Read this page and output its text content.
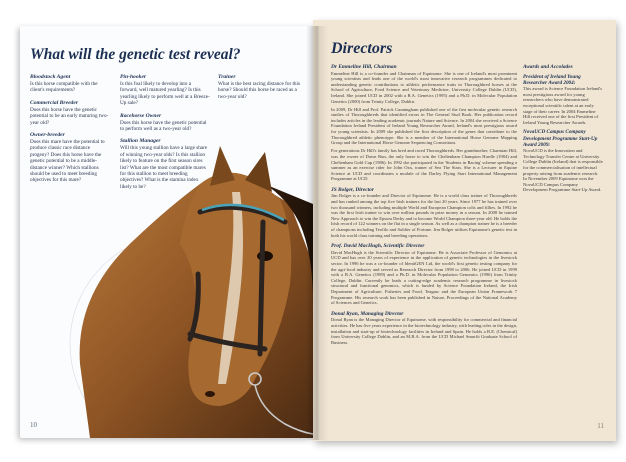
What will the genetic test reveal?
Bloodstock Agent
Is this horse compatible with the client's requirements?
Commercial Breeder
Does this horse have the genetic potential to be an early maturing two-year old?
Owner-breeder
Does this mare have the potential to produce classic race distance progeny? Does this horse have the genetic potential to be a middle-distance winner? Which stallions should be used to meet breeding objectives for this mare?
Pin-hooker
Is this foal likely to develop into a forward, well matured yearling? Is this yearling likely to perform well at a Breeze-Up sale?
Racehorse Owner
Does this horse have the genetic potential to perform well as a two-year old?
Stallion Manager
Will this young stallion have a large share of winning two-year olds? Is this stallion likely to feature on the first season sires list? What are the most compatible mares for this stallion to meet breeding objectives? What is the stamina index likely to be?
Trainer
What is the best racing distance for this horse? Should this horse be raced as a two-year old?
10
Directors
Dr Emmeline Hill, Chairman

Emmeline Hill is a co-founder and Chairman of Equinome. She is one of Ireland's most prominent young scientists and leads one of the world's most innovative research programmes dedicated to understanding genetic contributions to athletic performance traits in Thoroughbred horses at the School of Agriculture, Food Science and Veterinary Medicine, University College Dublin (UCD), Ireland. She joined UCD in 2002 with a B.A. Genetics (1995) and a Ph.D. in Molecular Population Genetics (2000) from Trinity College, Dublin.

In 2009, Dr Hill and Prof. Patrick Cunningham published one of the first molecular genetic research studies of Thoroughbreds that identified errors in The General Stud Book. Her publication record includes articles in the leading academic journals Nature and Science. In 2004 she received a Science Foundation Ireland President of Ireland Young Researcher Award, Ireland's most prestigious award for young scientists. In 2009 she published the first description of the genes that contribute to the Thoroughbred athletic phenotype. She is a member of the International Horse Genome Mapping Group and the International Horse Genome Sequencing Consortium.

For generations Dr Hill's family has bred and raced Thoroughbreds. Her grandmother, Charmian Hill, was the owner of Dawn Run, the only horse to win the Cheltenham Champion Hurdle (1984) and Cheltenham Gold Cup (1986). In 1992 she participated in the 'Students in Racing' scheme spending a summer as an exercise rider for John Oxx, trainer of Sea The Stars. She is a Lecturer in Equine Science at UCD and coordinates a module of the Darley Flying Start International Management Programme at UCD.

JS Bolger, Director

Jim Bolger is a co-founder and Director of Equinome. He is a world class trainer of Thoroughbreds and has ranked among the top five Irish trainers for the last 20 years. Since 1977 he has trained over two thousand winners, including multiple World and European Champion colts and fillies. In 1992 he was the first Irish trainer to win over million pounds in prize money in a season. In 2008 he trained New Approach to win the Epsom Derby and to become World Champion three-year old. He holds the Irish record of 122 winners on the flat in a single season. As well as a champion trainer he is a breeder of champions including Teofilo and Soldier of Fortune. Jim Bolger utilises Equinome's genetic test in both his world class training and breeding operations.

Prof. David MacHugh, Scientific Director

David MacHugh is the Scientific Director of Equinome. He is Associate Professor of Genomics at UCD and has over 20 years of experience in the application of genetic technologies in the livestock sector. In 1996 he was a co-founder of IdentiGEN Ltd, the world's first genetic testing company for the agri-food industry and served as Research Director from 1998 to 2006. He joined UCD in 1999 with a B.A. Genetics (1989) and a Ph.D. in Molecular Population Genomics (1996) from Trinity College, Dublin. Currently he leads a cutting-edge academic research programme in livestock structural and functional genomics, which is funded by Science Foundation Ireland, the Irish Department of Agriculture, Fisheries and Food, Teagasc and the European Union Framework 7 Programme. His research work has been published in Nature, Proceedings of the National Academy of Sciences and Genetics.

Donal Ryan, Managing Director

Donal Ryan is the Managing Director of Equinome, with responsibility for commercial and financial activities. He has five years experience in the biotechnology industry, with leading roles in the design, installation and start-up of biotechnology facilities in Ireland and Spain. He holds a B.E. (Chemical) from University College Dublin, and an M.B.A. from the UCD Michael Smurfit Graduate School of Business.

Awards and Accolades
President of Ireland Young Researcher Award 2004:
This award is Science Foundation Ireland's most prestigious award for young researchers who have demonstrated exceptional scientific talent at an early stage of their career. In 2004 Emmeline Hill received one of the first President of Ireland Young Researcher Awards.
NovaUCD Campus Company Development Programme Start-Up Award 2009:
NovaUCD is the Innovation and Technology Transfer Centre at University College Dublin (Ireland) that is responsible for the commercialisation of intellectual property arising from academic research. In November 2009 Equinome won the NovaUCD Campus Company Development Programme Start-Up Award.
11
